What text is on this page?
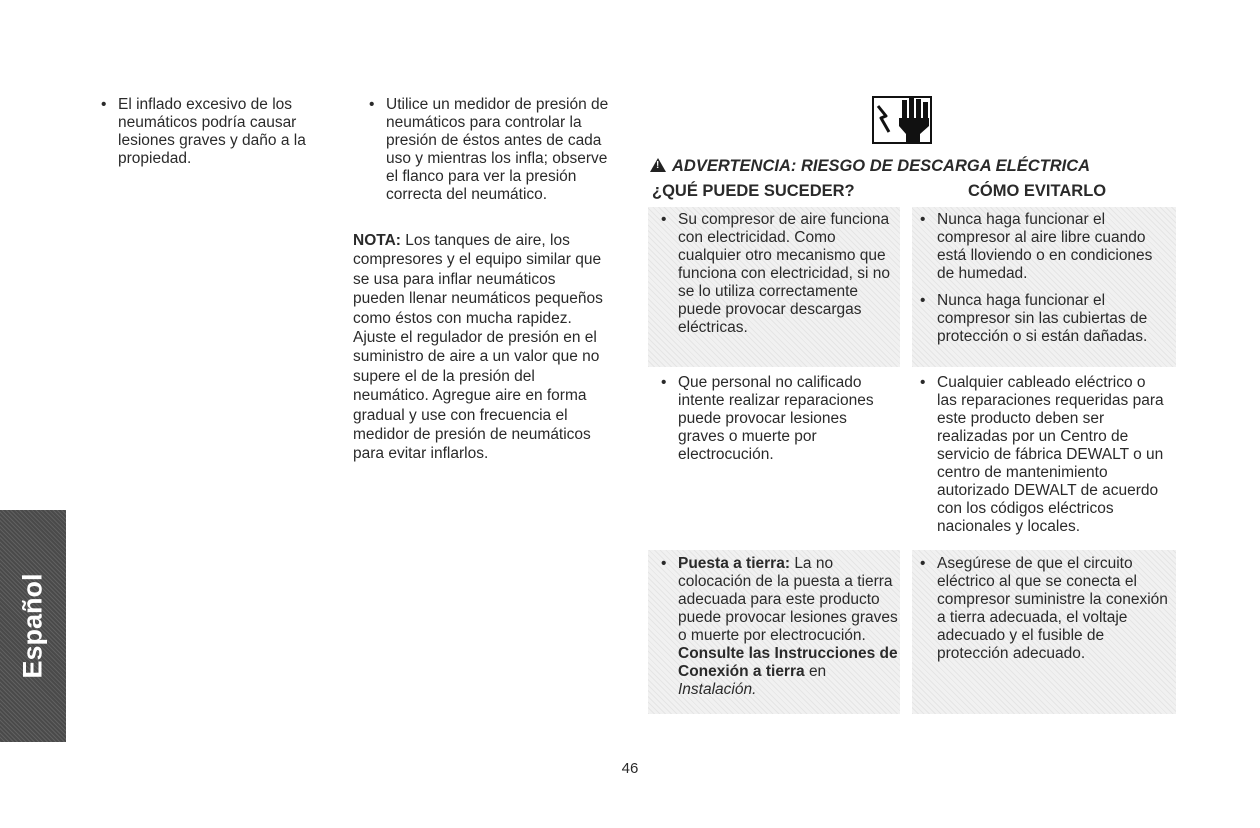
• El inflado excesivo de los neumáticos podría causar lesiones graves y daño a la propiedad.
• Utilice un medidor de presión de neumáticos para controlar la presión de éstos antes de cada uso y mientras los infla; observe el flanco para ver la presión correcta del neumático.
NOTA: Los tanques de aire, los compresores y el equipo similar que se usa para inflar neumáticos pueden llenar neumáticos pequeños como éstos con mucha rapidez. Ajuste el regulador de presión en el suministro de aire a un valor que no supere el de la presión del neumático. Agregue aire en forma gradual y use con frecuencia el medidor de presión de neumáticos para evitar inflarlos.
! ADVERTENCIA: RIESGO DE DESCARGA ELÉCTRICA
¿QUÉ PUEDE SUCEDER?	CÓMO EVITARLO
• Su compresor de aire funciona con electricidad. Como cualquier otro mecanismo que funciona con electricidad, si no se lo utiliza correctamente puede provocar descargas eléctricas.
• Nunca haga funcionar el compresor al aire libre cuando está lloviendo o en condiciones de humedad.
• Nunca haga funcionar el compresor sin las cubiertas de protección o si están dañadas.
• Que personal no calificado intente realizar reparaciones puede provocar lesiones graves o muerte por electrocución.
• Cualquier cableado eléctrico o las reparaciones requeridas para este producto deben ser realizadas por un Centro de servicio de fábrica DEWALT o un centro de mantenimiento autorizado DEWALT de acuerdo con los códigos eléctricos nacionales y locales.
• Puesta a tierra: La no colocación de la puesta a tierra adecuada para este producto puede provocar lesiones graves o muerte por electrocución. Consulte las Instrucciones de Conexión a tierra en Instalación.
• Asegúrese de que el circuito eléctrico al que se conecta el compresor suministre la conexión a tierra adecuada, el voltaje adecuado y el fusible de protección adecuado.
Español
46
